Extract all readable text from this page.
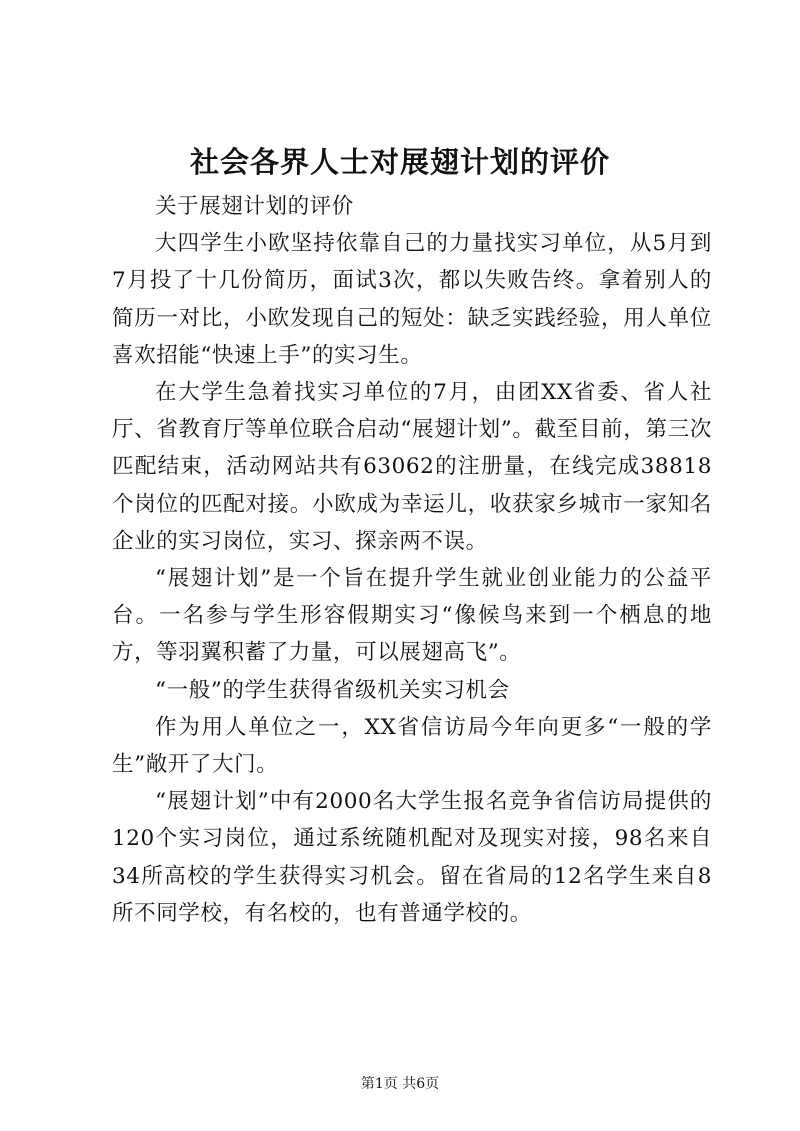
社会各界人士对展翅计划的评价

关于展翅计划的评价

大四学生小欧坚持依靠自己的力量找实习单位，从5月到7月投了十几份简历，面试3次，都以失败告终。拿着别人的简历一对比，小欧发现自己的短处：缺乏实践经验，用人单位喜欢招能“快速上手”的实习生。

在大学生急着找实习单位的7月，由团XX省委、省人社厅、省教育厅等单位联合启动“展翅计划”。截至目前，第三次匹配结束，活动网站共有63062的注册量，在线完成38818个岗位的匹配对接。小欧成为幸运儿，收获家乡城市一家知名企业的实习岗位，实习、探亲两不误。

“展翅计划”是一个旨在提升学生就业创业能力的公益平台。一名参与学生形容假期实习“像候鸟来到一个栖息的地方，等羽翼积蓄了力量，可以展翅高飞”。

“一般”的学生获得省级机关实习机会

作为用人单位之一，XX省信访局今年向更多“一般的学生”敞开了大门。

“展翅计划”中有2000名大学生报名竞争省信访局提供的120个实习岗位，通过系统随机配对及现实对接，98名来自34所高校的学生获得实习机会。留在省局的12名学生来自8所不同学校，有名校的，也有普通学校的。

第1页 共6页
